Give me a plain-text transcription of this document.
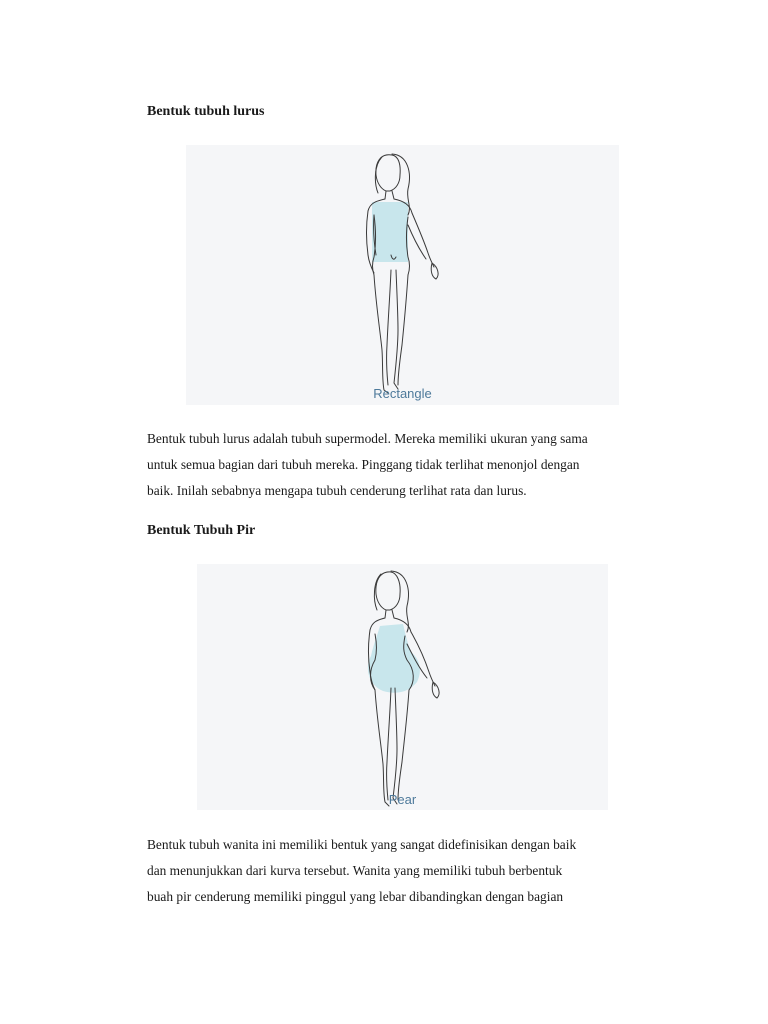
Bentuk tubuh lurus
Rectangle

Bentuk tubuh lurus adalah tubuh supermodel. Mereka memiliki ukuran yang sama
untuk semua bagian dari tubuh mereka. Pinggang tidak terlihat menonjol dengan
baik. Inilah sebabnya mengapa tubuh cenderung terlihat rata dan lurus.

Bentuk Tubuh Pir
Pear

Bentuk tubuh wanita ini memiliki bentuk yang sangat didefinisikan dengan baik
dan menunjukkan dari kurva tersebut. Wanita yang memiliki tubuh berbentuk
buah pir cenderung memiliki pinggul yang lebar dibandingkan dengan bagian
